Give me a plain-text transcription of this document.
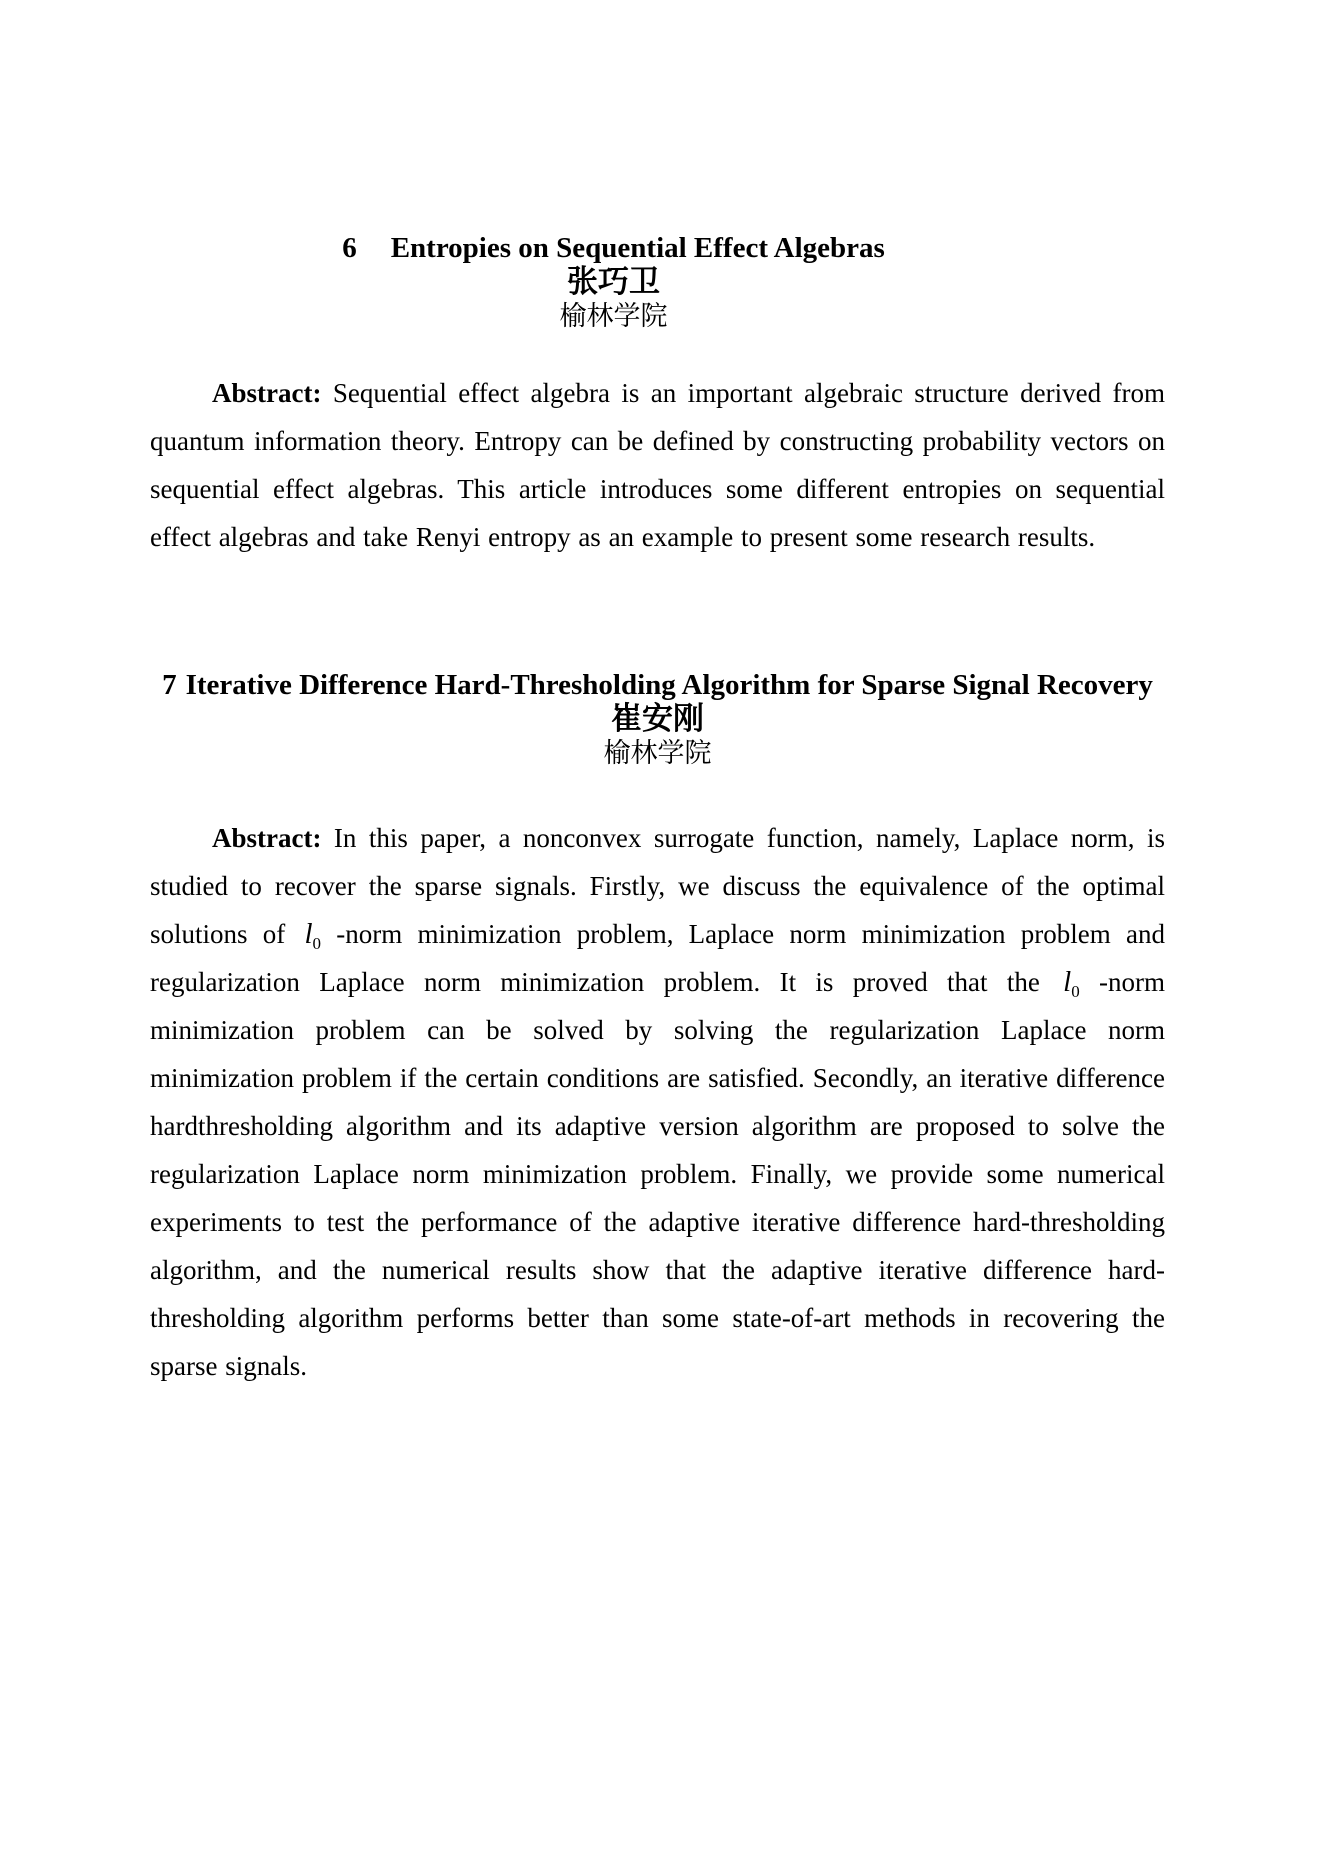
6 Entropies on Sequential Effect Algebras
张巧卫
榆林学院

Abstract: Sequential effect algebra is an important algebraic structure derived from quantum information theory. Entropy can be defined by constructing probability vectors on sequential effect algebras. This article introduces some different entropies on sequential effect algebras and take Renyi entropy as an example to present some research results.

7 Iterative Difference Hard-Thresholding Algorithm for Sparse Signal Recovery
崔安刚
榆林学院

Abstract: In this paper, a nonconvex surrogate function, namely, Laplace norm, is studied to recover the sparse signals. Firstly, we discuss the equivalence of the optimal solutions of $l_0$ -norm minimization problem, Laplace norm minimization problem and regularization Laplace norm minimization problem. It is proved that the $l_0$ -norm minimization problem can be solved by solving the regularization Laplace norm minimization problem if the certain conditions are satisfied. Secondly, an iterative difference hardthresholding algorithm and its adaptive version algorithm are proposed to solve the regularization Laplace norm minimization problem. Finally, we provide some numerical experiments to test the performance of the adaptive iterative difference hard-thresholding algorithm, and the numerical results show that the adaptive iterative difference hard-thresholding algorithm performs better than some state-of-art methods in recovering the sparse signals.
